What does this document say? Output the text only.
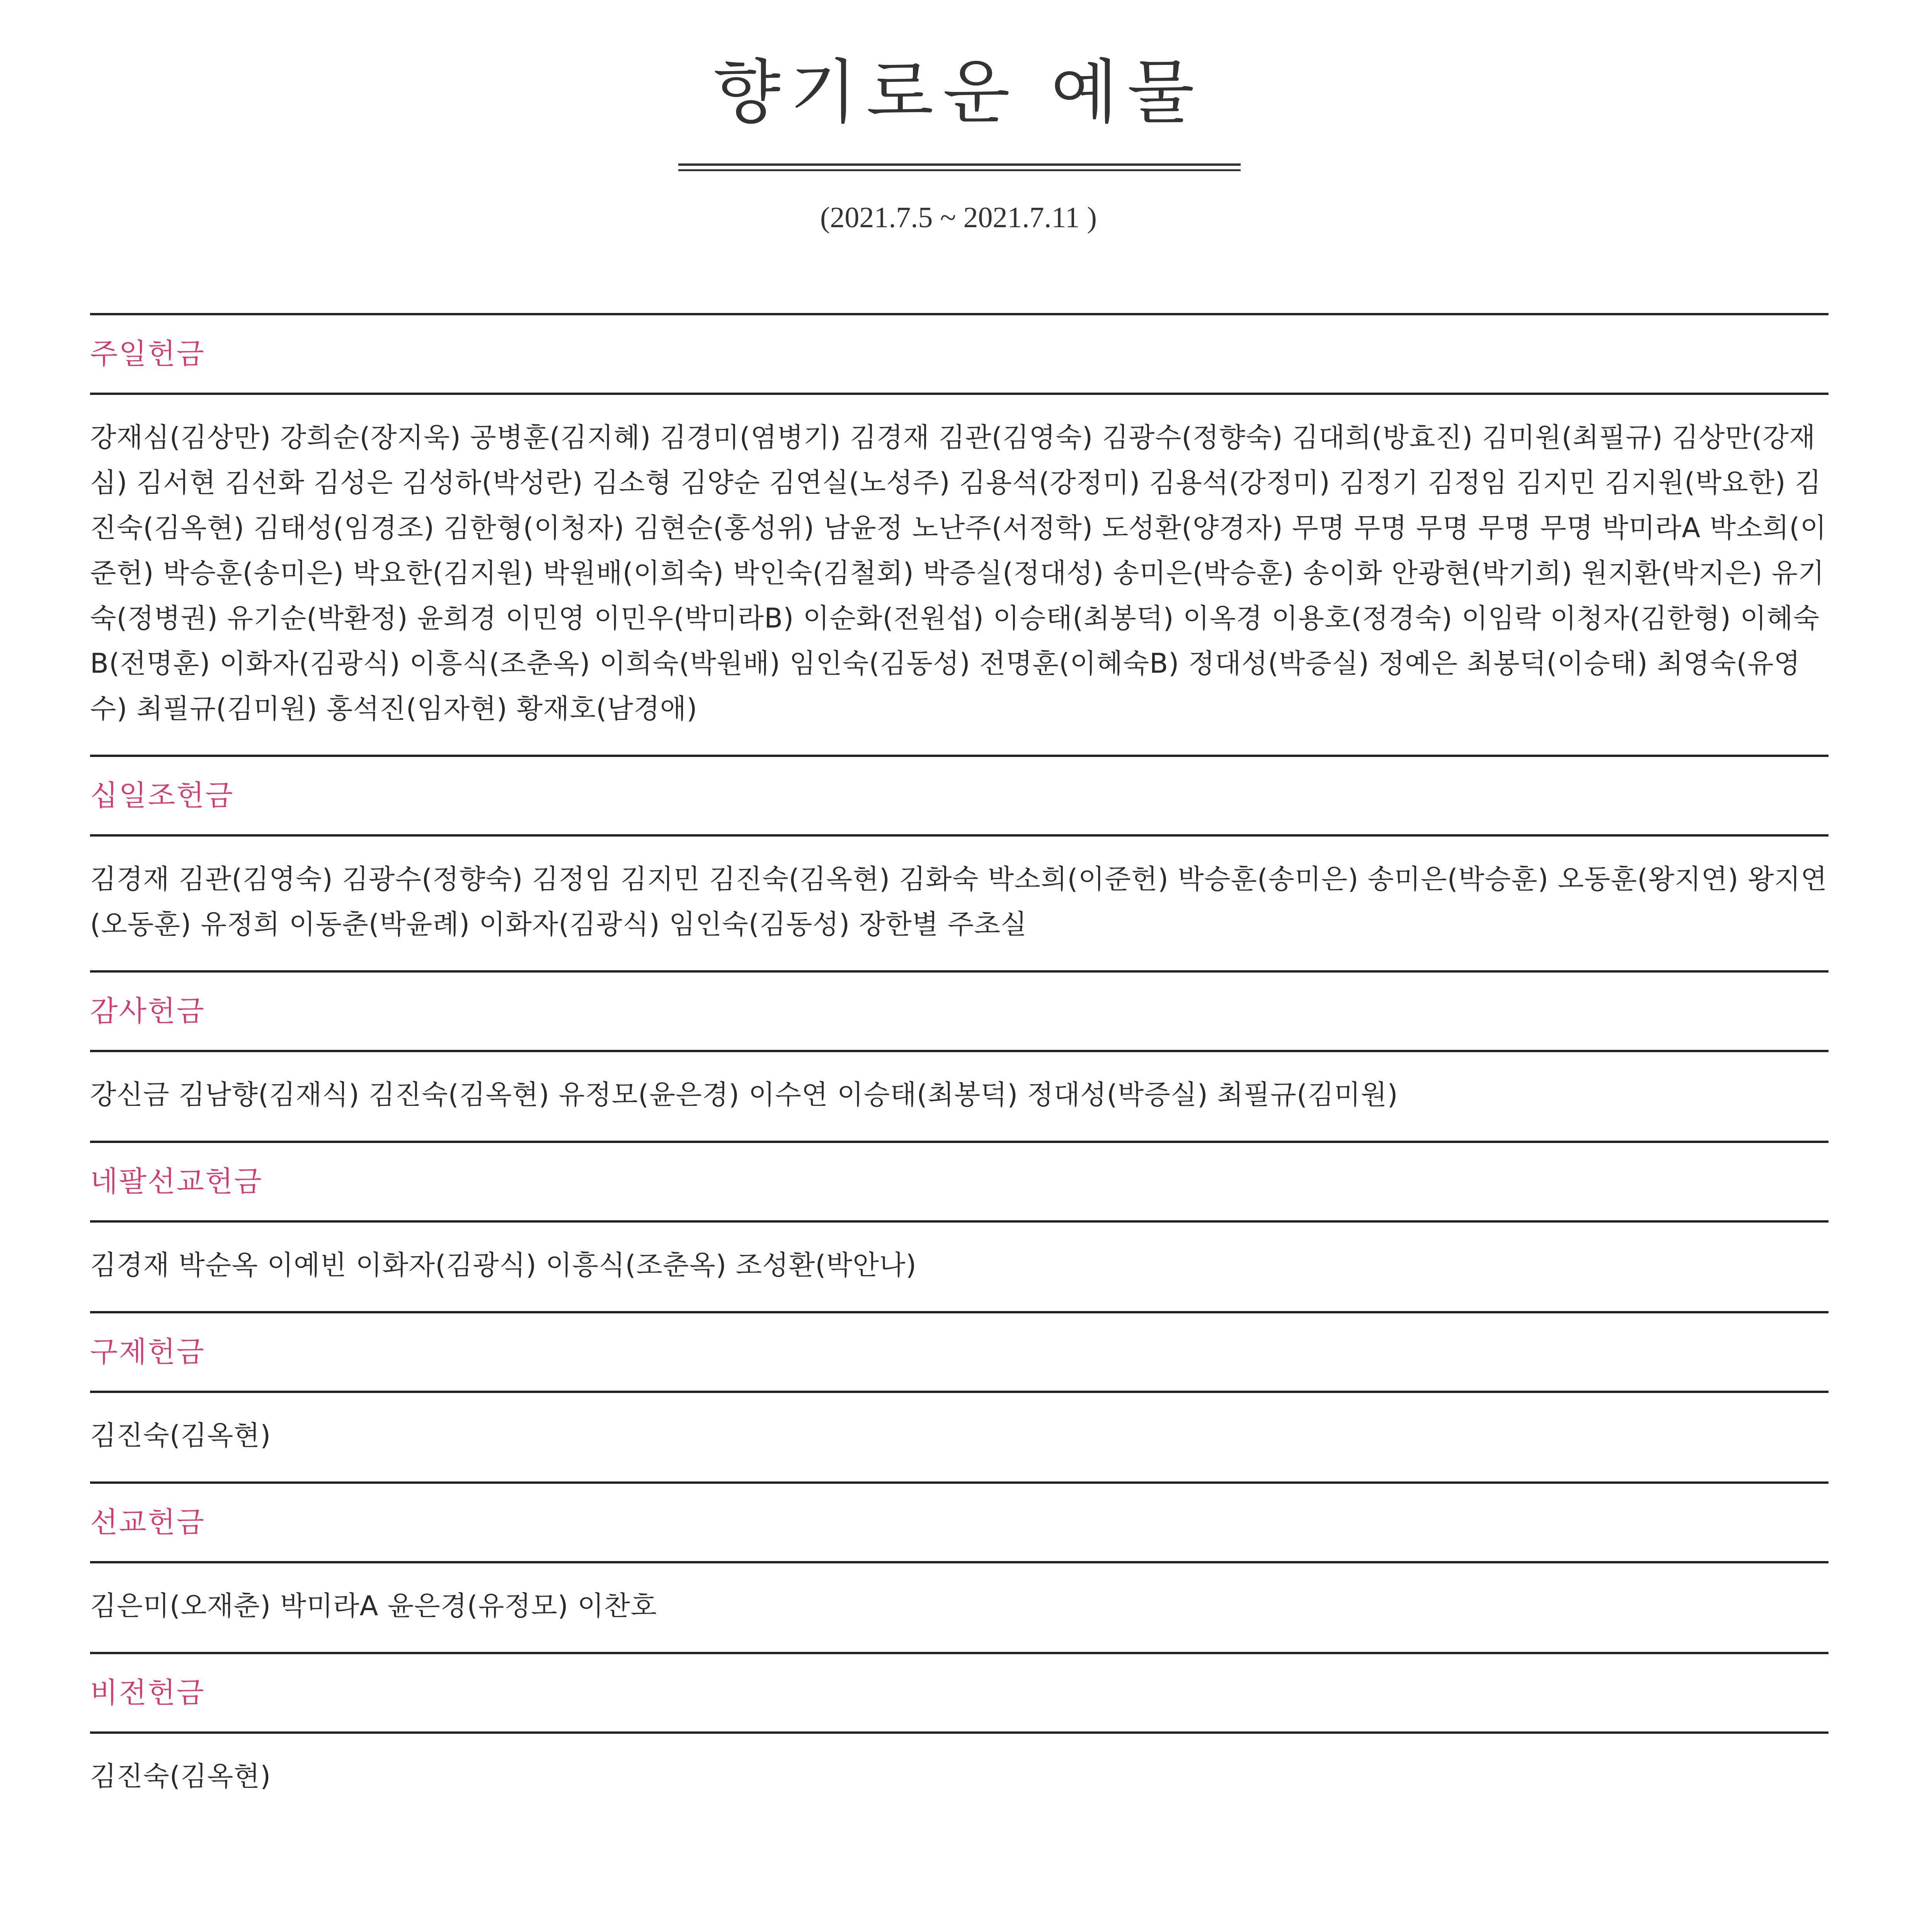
향기로운 예물
(2021.7.5 ~ 2021.7.11 )
주일헌금
강재심(김상만) 강희순(장지욱) 공병훈(김지혜) 김경미(염병기) 김경재 김관(김영숙) 김광수(정향숙) 김대희(방효진) 김미원(최필규) 김상만(강재심) 김서현 김선화 김성은 김성하(박성란) 김소형 김양순 김연실(노성주) 김용석(강정미) 김용석(강정미) 김정기 김정임 김지민 김지원(박요한) 김진숙(김옥현) 김태성(임경조) 김한형(이청자) 김현순(홍성위) 남윤정 노난주(서정학) 도성환(양경자) 무명 무명 무명 무명 무명 박미라A 박소희(이준헌) 박승훈(송미은) 박요한(김지원) 박원배(이희숙) 박인숙(김철회) 박증실(정대성) 송미은(박승훈) 송이화 안광현(박기희) 원지환(박지은) 유기숙(정병권) 유기순(박환정) 윤희경 이민영 이민우(박미라B) 이순화(전원섭) 이승태(최봉덕) 이옥경 이용호(정경숙) 이임락 이청자(김한형) 이혜숙B(전명훈) 이화자(김광식) 이흥식(조춘옥) 이희숙(박원배) 임인숙(김동성) 전명훈(이혜숙B) 정대성(박증실) 정예은 최봉덕(이승태) 최영숙(유영수) 최필규(김미원) 홍석진(임자현) 황재호(남경애)
십일조헌금
김경재 김관(김영숙) 김광수(정향숙) 김정임 김지민 김진숙(김옥현) 김화숙 박소희(이준헌) 박승훈(송미은) 송미은(박승훈) 오동훈(왕지연) 왕지연(오동훈) 유정희 이동춘(박윤례) 이화자(김광식) 임인숙(김동성) 장한별 주초실
감사헌금
강신금 김남향(김재식) 김진숙(김옥현) 유정모(윤은경) 이수연 이승태(최봉덕) 정대성(박증실) 최필규(김미원)
네팔선교헌금
김경재 박순옥 이예빈 이화자(김광식) 이흥식(조춘옥) 조성환(박안나)
구제헌금
김진숙(김옥현)
선교헌금
김은미(오재춘) 박미라A 윤은경(유정모) 이찬호
비전헌금
김진숙(김옥현)
